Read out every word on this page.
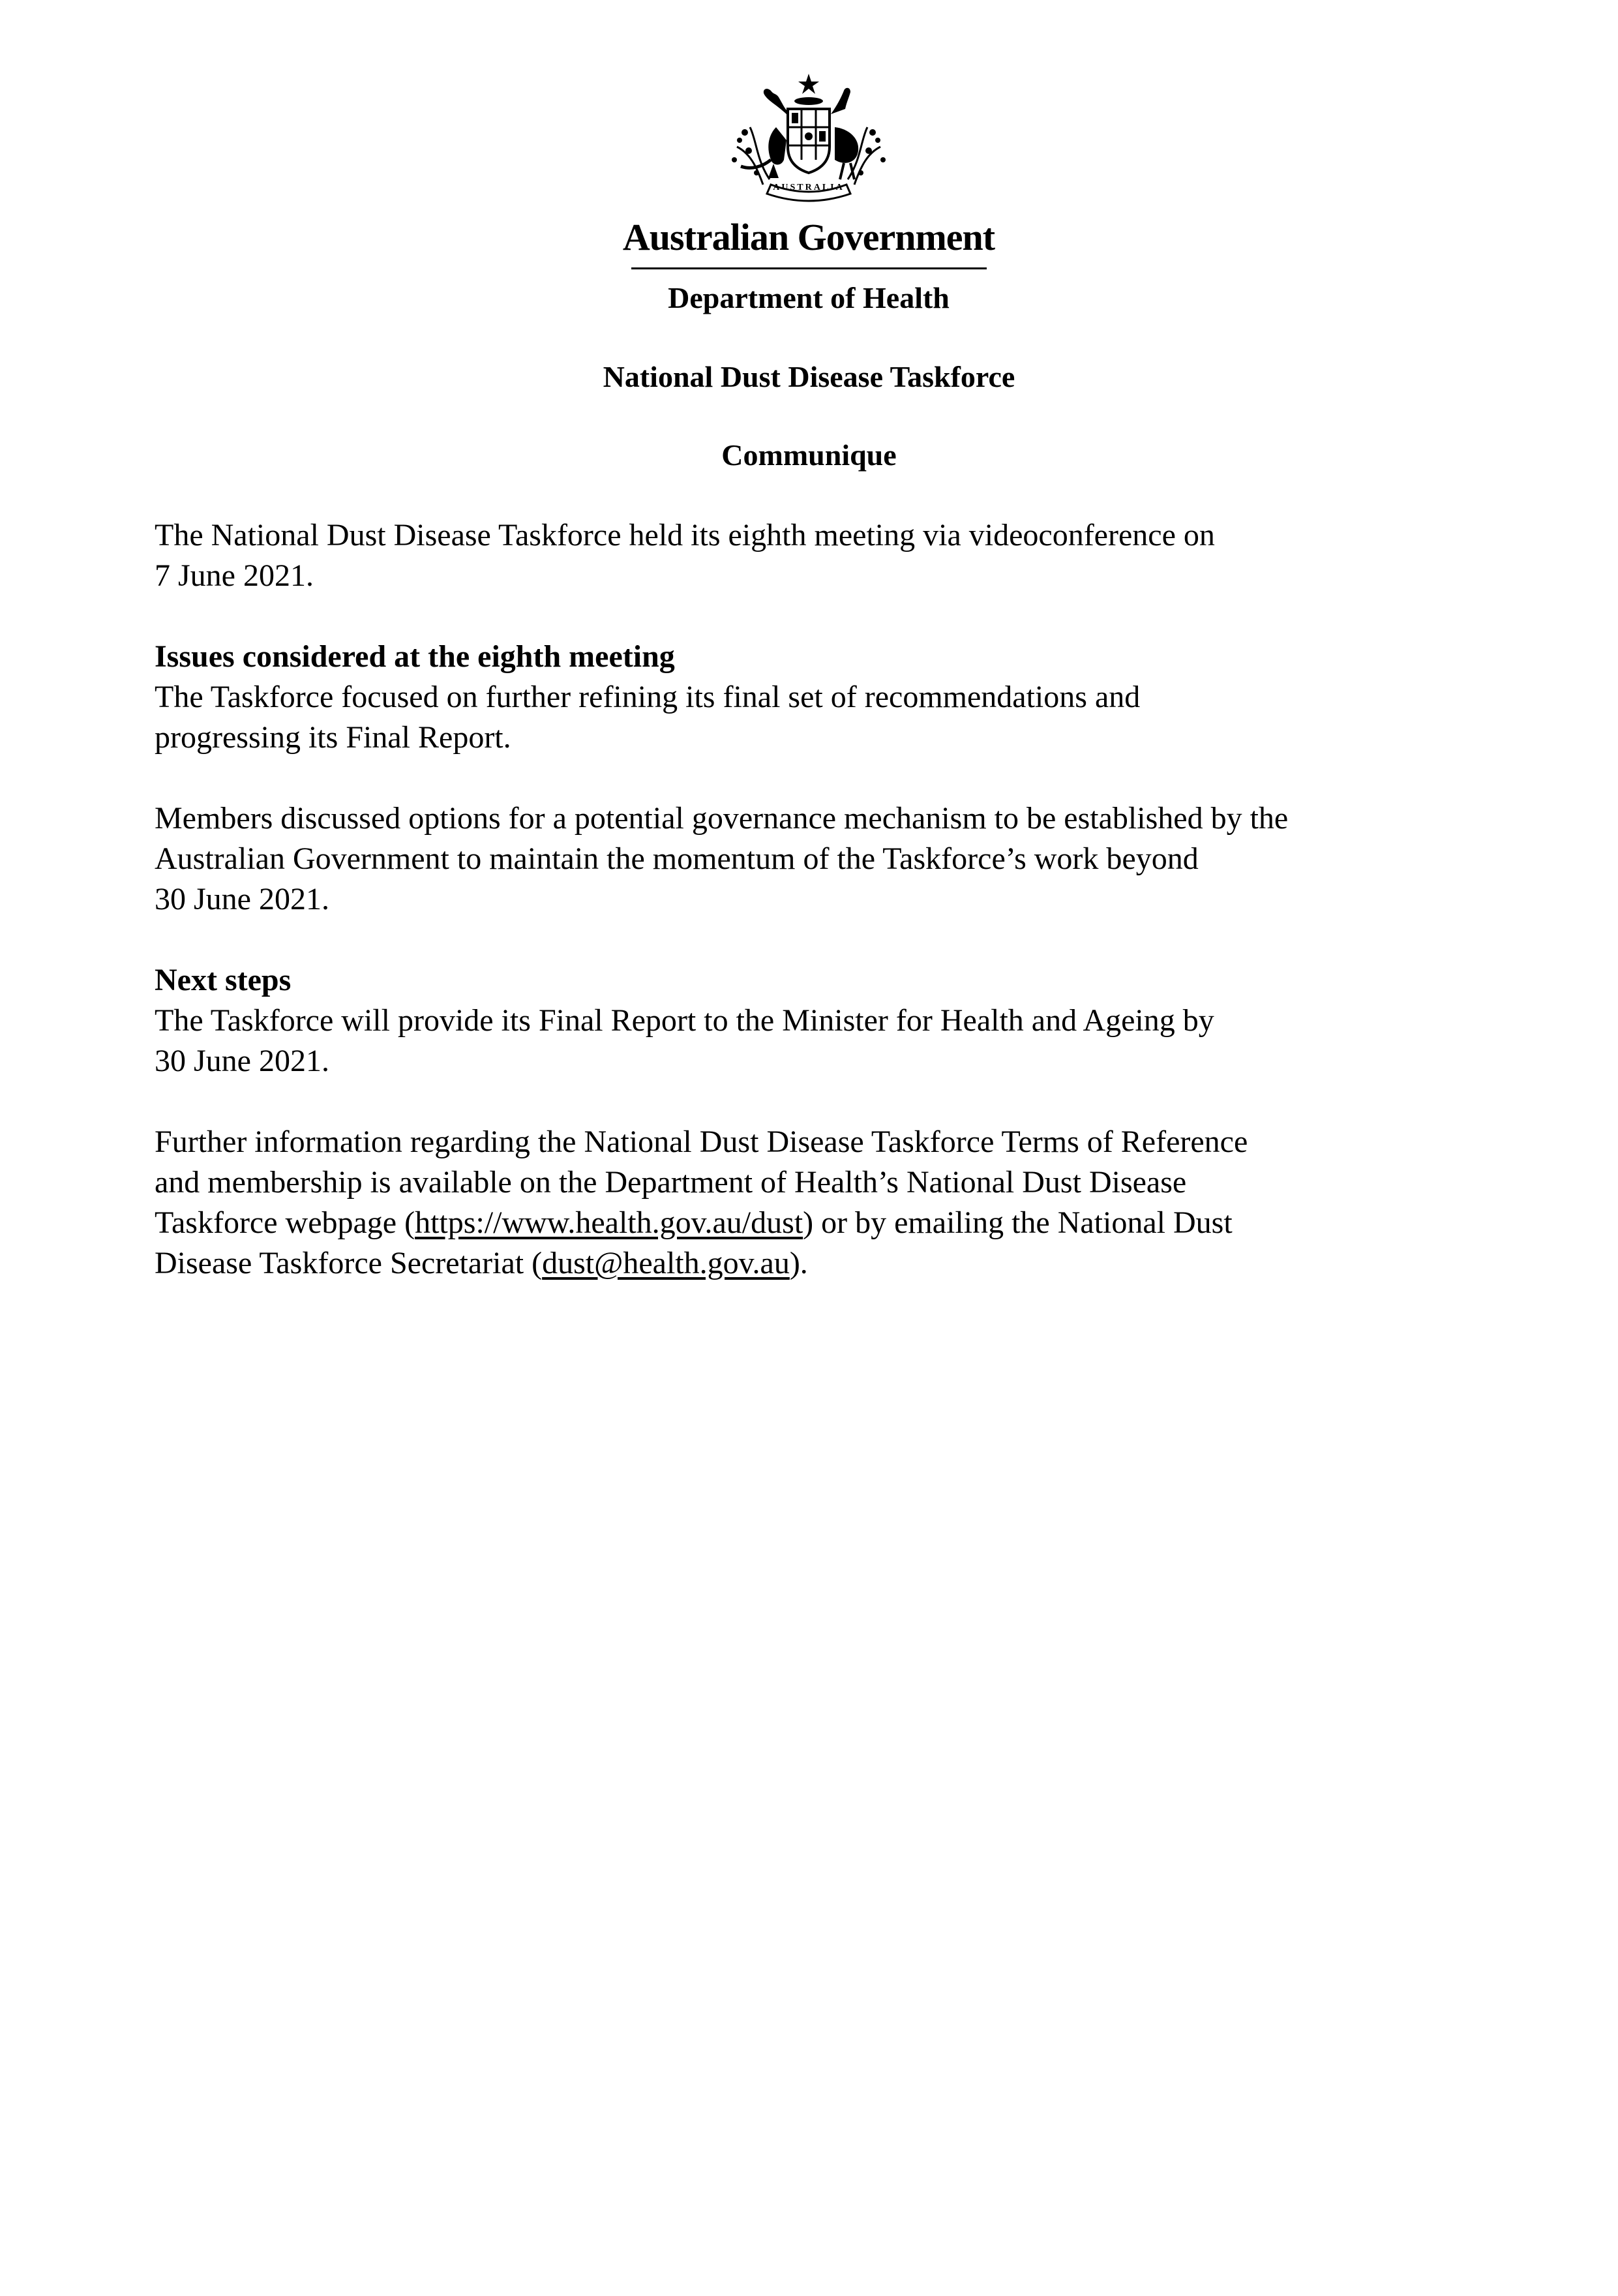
AUSTRALIA
Australian Government
Department of Health
National Dust Disease Taskforce
Communique

The National Dust Disease Taskforce held its eighth meeting via videoconference on
7 June 2021.

Issues considered at the eighth meeting
The Taskforce focused on further refining its final set of recommendations and
progressing its Final Report.

Members discussed options for a potential governance mechanism to be established by the
Australian Government to maintain the momentum of the Taskforce’s work beyond
30 June 2021.

Next steps
The Taskforce will provide its Final Report to the Minister for Health and Ageing by
30 June 2021.

Further information regarding the National Dust Disease Taskforce Terms of Reference
and membership is available on the Department of Health’s National Dust Disease
Taskforce webpage (https://www.health.gov.au/dust) or by emailing the National Dust
Disease Taskforce Secretariat (dust@health.gov.au).
